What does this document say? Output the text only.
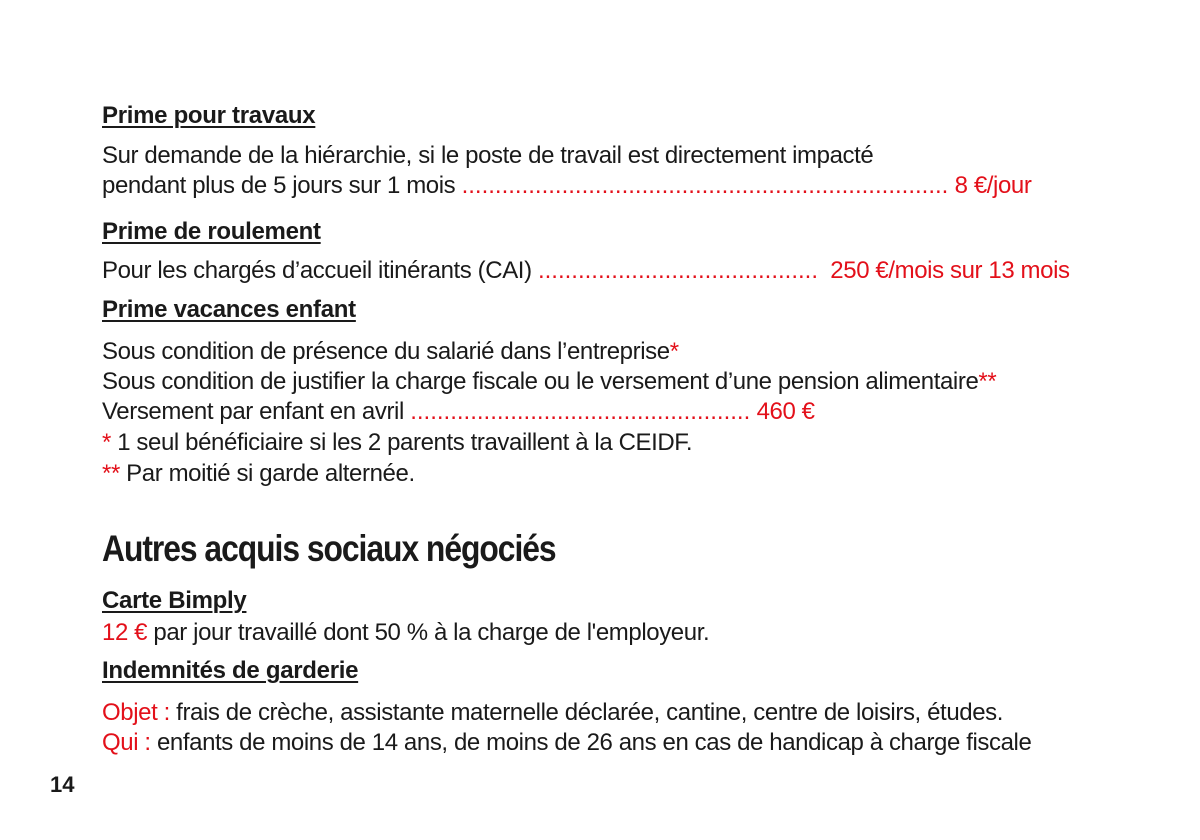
Prime pour travaux
Sur demande de la hiérarchie, si le poste de travail est directement impacté
pendant plus de 5 jours sur 1 mois ......................................................................... 8 €/jour
Prime de roulement
Pour les chargés d’accueil itinérants (CAI) .......................................... 250 €/mois sur 13 mois
Prime vacances enfant
Sous condition de présence du salarié dans l’entreprise*
Sous condition de justifier la charge fiscale ou le versement d’une pension alimentaire**
Versement par enfant en avril ................................................... 460 €
* 1 seul bénéficiaire si les 2 parents travaillent à la CEIDF.
** Par moitié si garde alternée.
Autres acquis sociaux négociés
Carte Bimply
12 € par jour travaillé dont 50 % à la charge de l'employeur.
Indemnités de garderie
Objet : frais de crèche, assistante maternelle déclarée, cantine, centre de loisirs, études.
Qui : enfants de moins de 14 ans, de moins de 26 ans en cas de handicap à charge fiscale
14
